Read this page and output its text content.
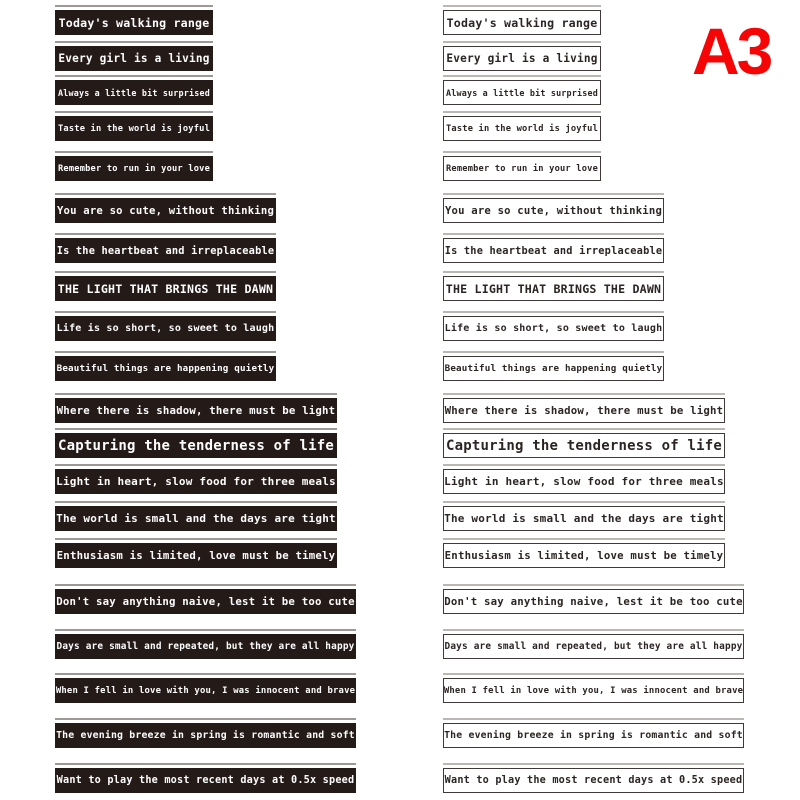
Today's walking range
Every girl is a living
Always a little bit surprised
Taste in the world is joyful
Remember to run in your love
You are so cute, without thinking
Is the heartbeat and irreplaceable
THE LIGHT THAT BRINGS THE DAWN
Life is so short, so sweet to laugh
Beautiful things are happening quietly
Where there is shadow, there must be light
Capturing the tenderness of life
Light in heart, slow food for three meals
The world is small and the days are tight
Enthusiasm is limited, love must be timely
Don't say anything naive, lest it be too cute
Days are small and repeated, but they are all happy
When I fell in love with you, I was innocent and brave
The evening breeze in spring is romantic and soft
Want to play the most recent days at 0.5x speed
Today's walking range
Every girl is a living
Always a little bit surprised
Taste in the world is joyful
Remember to run in your love
You are so cute, without thinking
Is the heartbeat and irreplaceable
THE LIGHT THAT BRINGS THE DAWN
Life is so short, so sweet to laugh
Beautiful things are happening quietly
Where there is shadow, there must be light
Capturing the tenderness of life
Light in heart, slow food for three meals
The world is small and the days are tight
Enthusiasm is limited, love must be timely
Don't say anything naive, lest it be too cute
Days are small and repeated, but they are all happy
When I fell in love with you, I was innocent and brave
The evening breeze in spring is romantic and soft
Want to play the most recent days at 0.5x speed
A3
